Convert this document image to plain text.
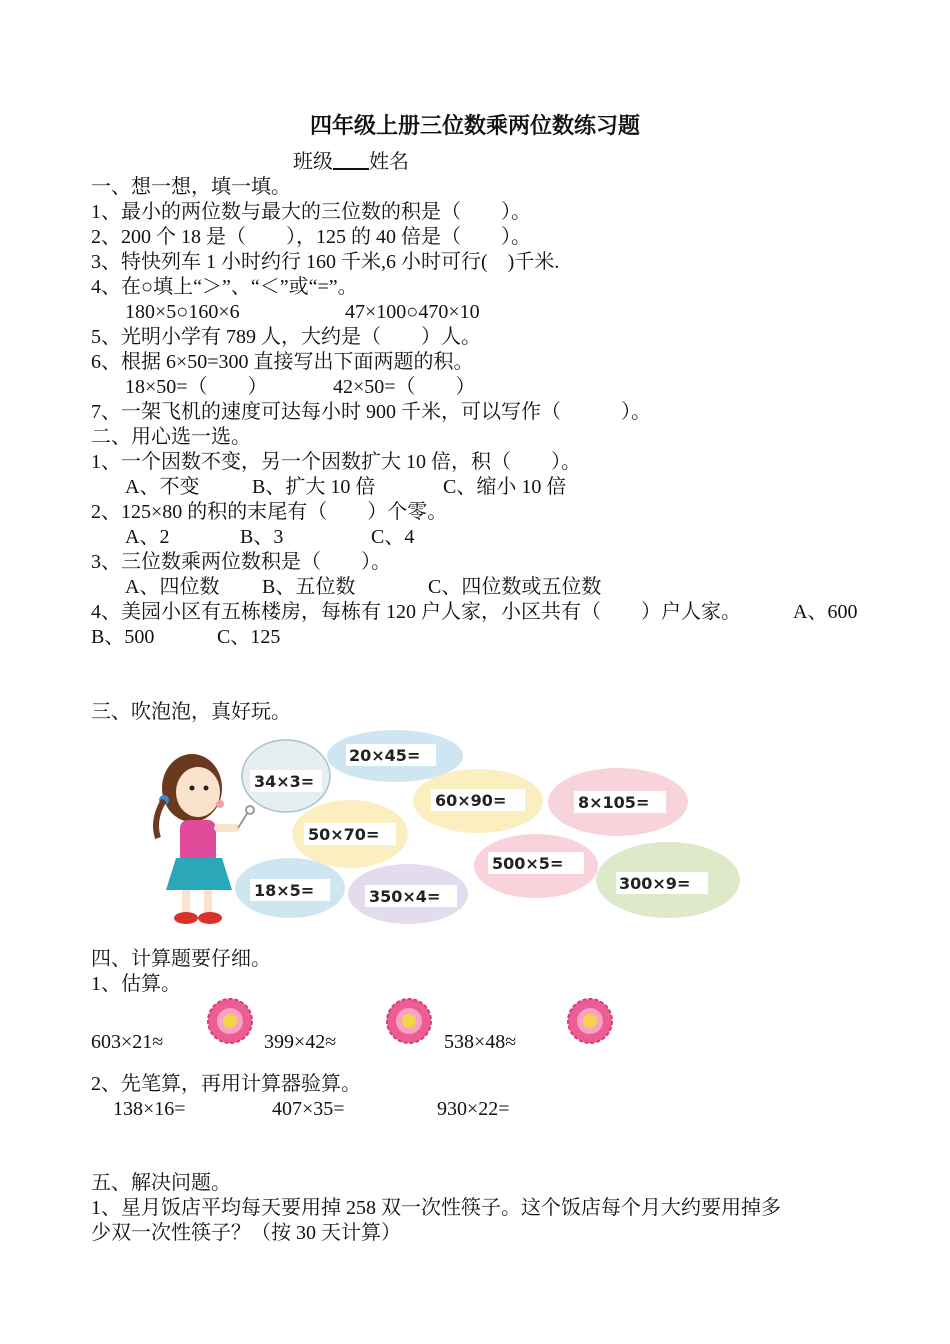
四年级上册三位数乘两位数练习题
班级 姓名
一、想一想，填一填。
1、最小的两位数与最大的三位数的积是（　　）。
2、200 个 18 是（　　），125 的 40 倍是（　　）。
3、特快列车 1 小时约行 160 千米,6 小时可行(　)千米.
4、在○填上“＞”、“＜”或“=”。
180×5○160×6	47×100○470×10
5、光明小学有 789 人，大约是（　　）人。
6、根据 6×50=300 直接写出下面两题的积。
18×50=（　　）	42×50=（　　）
7、一架飞机的速度可达每小时 900 千米，可以写作（　　　）。
二、用心选一选。
1、一个因数不变，另一个因数扩大 10 倍，积（　　）。
A、不变	B、扩大 10 倍	C、缩小 10 倍
2、125×80 的积的末尾有（　　）个零。
A、2	B、3	C、4
3、三位数乘两位数积是（　　）。
A、四位数 B、五位数	C、四位数或五位数
4、美园小区有五栋楼房，每栋有 120 户人家，小区共有（　　）户人家。	A、600
B、500	C、125
三、吹泡泡，真好玩。
34×3=
20×45=
60×90=	8×105=
50×70=
500×5=
18×5=	350×4=
300×9=
四、计算题要仔细。
1、估算。
603×21≈	399×42≈	538×48≈
2、先笔算，再用计算器验算。
138×16=	407×35=	930×22=
五、解决问题。
1、星月饭店平均每天要用掉 258 双一次性筷子。这个饭店每个月大约要用掉多
少双一次性筷子？（按 30 天计算）
